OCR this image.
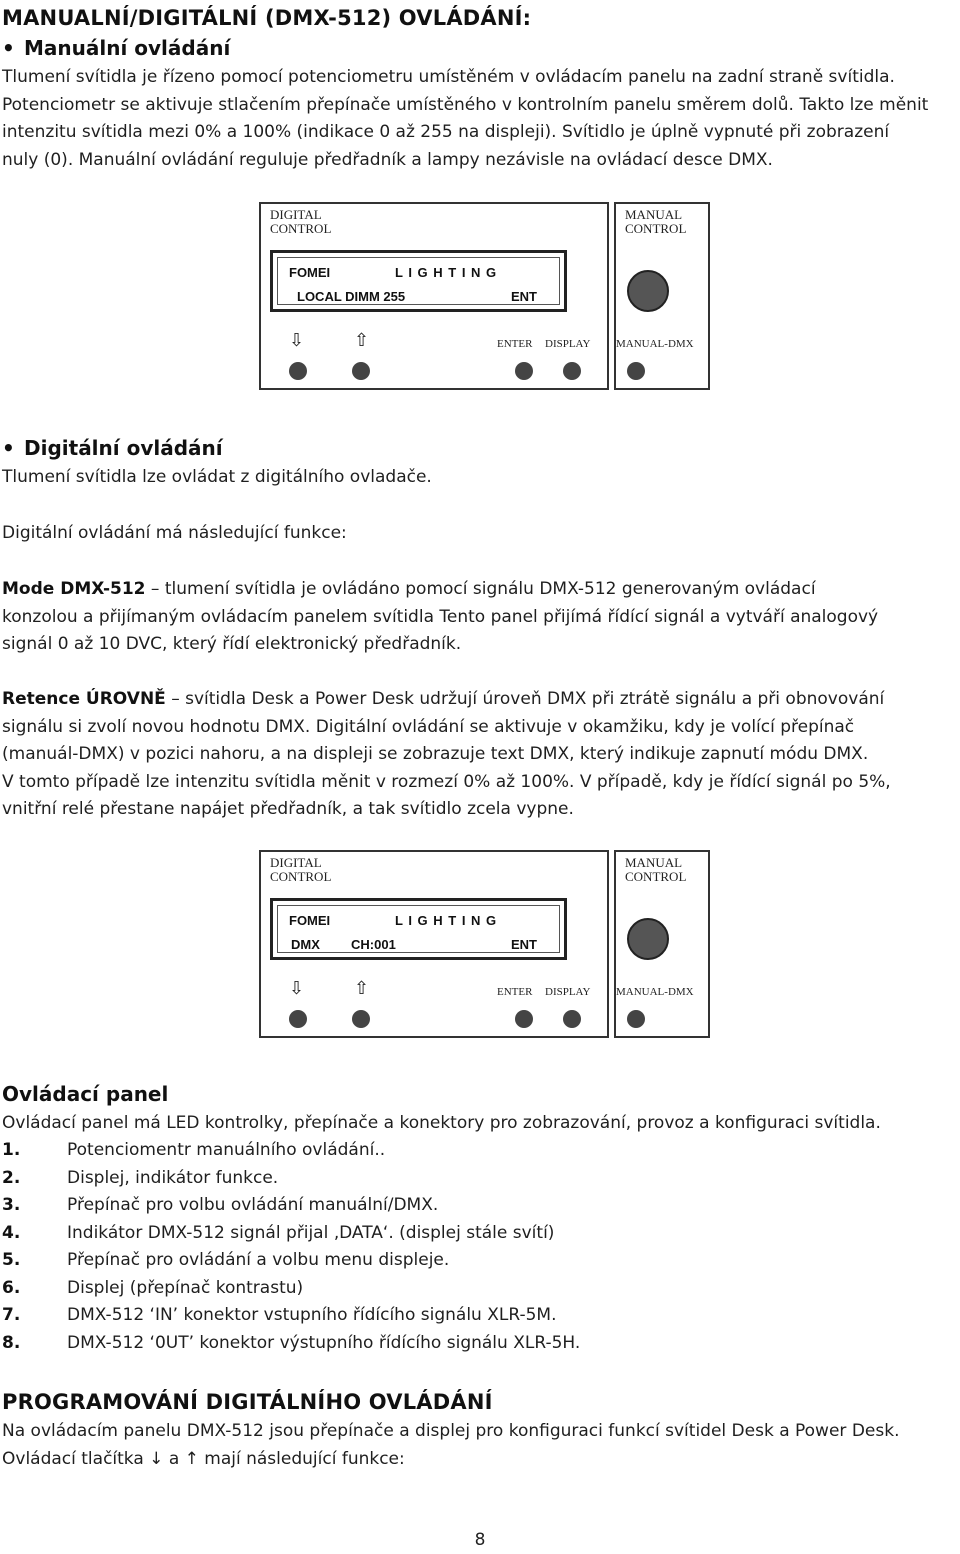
MANUALNÍ/DIGITÁLNÍ (DMX-512) OVLÁDÁNÍ:
• Manuální ovládání
Tlumení svítidla je řízeno pomocí potenciometru umístěném v ovládacím panelu na zadní straně svítidla.
Potenciometr se aktivuje stlačením přepínače umístěného v kontrolním panelu směrem dolů. Takto lze měnit
intenzitu svítidla mezi 0% a 100% (indikace 0 až 255 na displeji). Svítidlo je úplně vypnuté při zobrazení
nuly (0). Manuální ovládání reguluje předřadník a lampy nezávisle na ovládací desce DMX.
DIGITAL
CONTROL
MANUAL
CONTROL
FOMEI	L I G H T I N G
LOCAL DIMM 255	ENT
⇩	⇧	ENTER DISPLAY MANUAL-DMX
• Digitální ovládání
Tlumení svítidla lze ovládat z digitálního ovladače.
Digitální ovládání má následující funkce:
Mode DMX-512 – tlumení svítidla je ovládáno pomocí signálu DMX-512 generovaným ovládací
konzolou a přijímaným ovládacím panelem svítidla Tento panel přijímá řídící signál a vytváří analogový
signál 0 až 10 DVC, který řídí elektronický předřadník.
Retence ÚROVNĚ – svítidla Desk a Power Desk udržují úroveň DMX při ztrátě signálu a při obnovování
signálu si zvolí novou hodnotu DMX. Digitální ovládání se aktivuje v okamžiku, kdy je volící přepínač
(manuál-DMX) v pozici nahoru, a na displeji se zobrazuje text DMX, který indikuje zapnutí módu DMX.
V tomto případě lze intenzitu svítidla měnit v rozmezí 0% až 100%. V případě, kdy je řídící signál po 5%,
vnitřní relé přestane napájet předřadník, a tak svítidlo zcela vypne.
DIGITAL
CONTROL
MANUAL
CONTROL
FOMEI	L I G H T I N G
DMX CH:001	ENT
⇩	⇧	ENTER DISPLAY MANUAL-DMX
Ovládací panel
Ovládací panel má LED kontrolky, přepínače a konektory pro zobrazování, provoz a konfiguraci svítidla.
1.	Potenciomentr manuálního ovládání..
2.	Displej, indikátor funkce.
3.	Přepínač pro volbu ovládání manuální/DMX.
4.	Indikátor DMX-512 signál přijal ‚DATA‘. (displej stále svítí)
5.	Přepínač pro ovládání a volbu menu displeje.
6.	Displej (přepínač kontrastu)
7.	DMX-512 ‘IN’ konektor vstupního řídícího signálu XLR-5M.
8.	DMX-512 ‘0UT’ konektor výstupního řídícího signálu XLR-5H.
PROGRAMOVÁNÍ DIGITÁLNÍHO OVLÁDÁNÍ
Na ovládacím panelu DMX-512 jsou přepínače a displej pro konfiguraci funkcí svítidel Desk a Power Desk.
Ovládací tlačítka ↓ a ↑ mají následující funkce:
8
